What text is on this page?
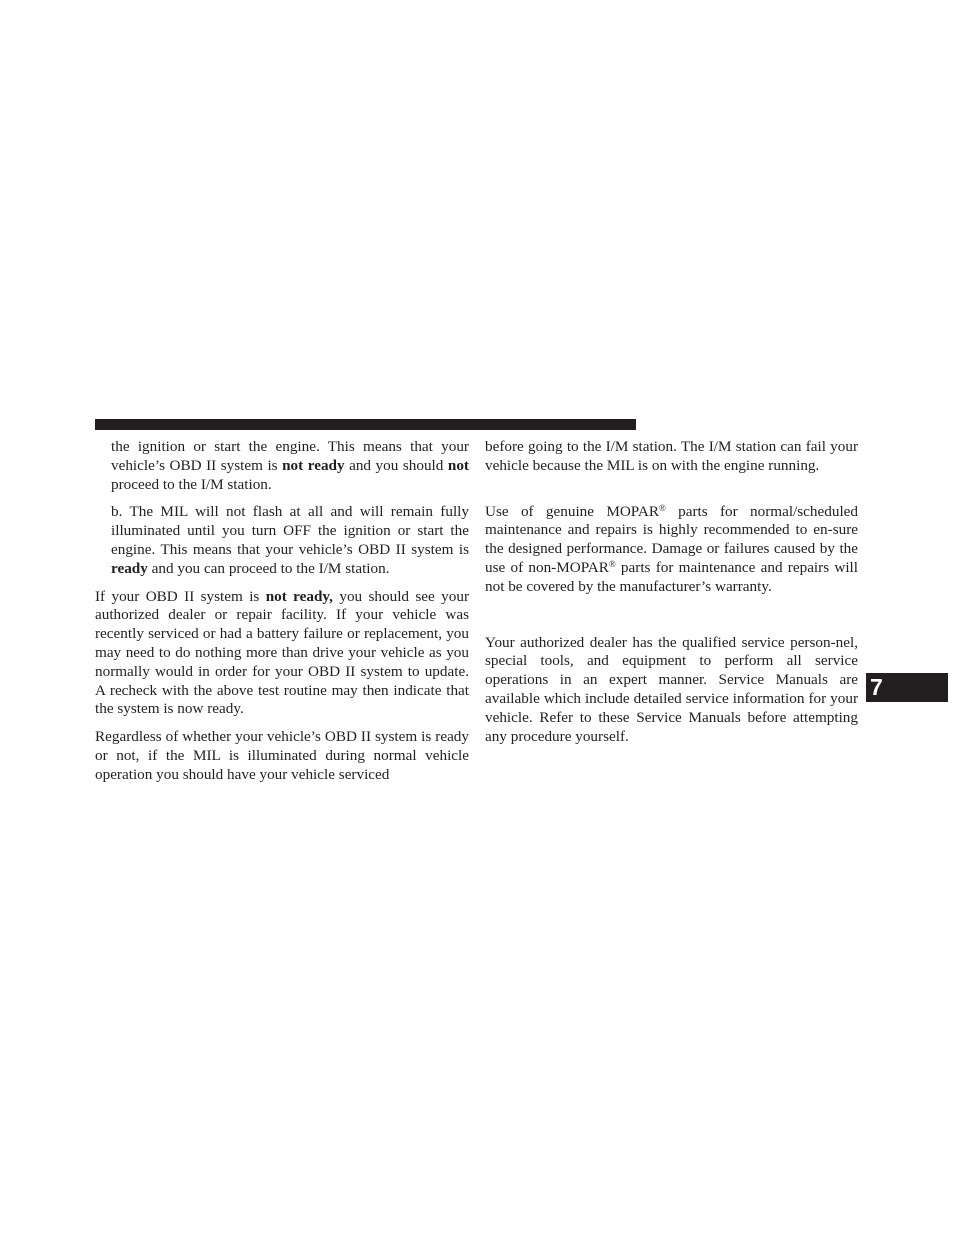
the ignition or start the engine. This means that your vehicle’s OBD II system is not ready and you should not proceed to the I/M station.

b. The MIL will not flash at all and will remain fully illuminated until you turn OFF the ignition or start the engine. This means that your vehicle’s OBD II system is ready and you can proceed to the I/M station.

If your OBD II system is not ready, you should see your authorized dealer or repair facility. If your vehicle was recently serviced or had a battery failure or replacement, you may need to do nothing more than drive your vehicle as you normally would in order for your OBD II system to update. A recheck with the above test routine may then indicate that the system is now ready.

Regardless of whether your vehicle’s OBD II system is ready or not, if the MIL is illuminated during normal vehicle operation you should have your vehicle serviced

before going to the I/M station. The I/M station can fail your vehicle because the MIL is on with the engine running.

Use of genuine MOPAR® parts for normal/scheduled maintenance and repairs is highly recommended to en-sure the designed performance. Damage or failures caused by the use of non-MOPAR® parts for maintenance and repairs will not be covered by the manufacturer’s warranty.

Your authorized dealer has the qualified service person-nel, special tools, and equipment to perform all service operations in an expert manner. Service Manuals are available which include detailed service information for your vehicle. Refer to these Service Manuals before attempting any procedure yourself.

7
